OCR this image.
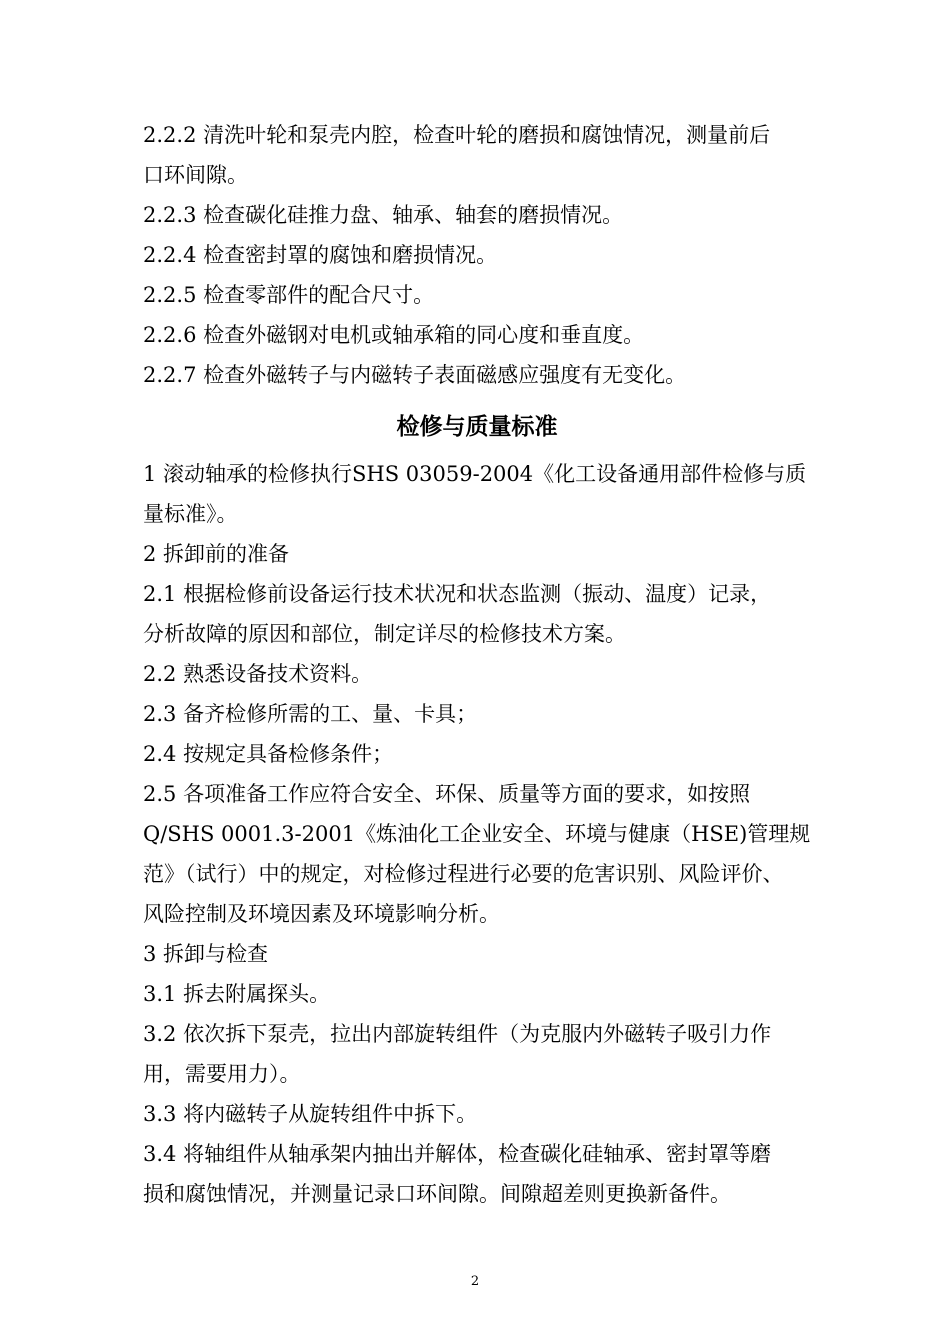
2.2.2 清洗叶轮和泵壳内腔，检查叶轮的磨损和腐蚀情况，测量前后
口环间隙。

2.2.3 检查碳化硅推力盘、轴承、轴套的磨损情况。

2.2.4 检查密封罩的腐蚀和磨损情况。

2.2.5 检查零部件的配合尺寸。

2.2.6 检查外磁钢对电机或轴承箱的同心度和垂直度。

2.2.7 检查外磁转子与内磁转子表面磁感应强度有无变化。

检修与质量标准

1 滚动轴承的检修执行SHS 03059-2004《化工设备通用部件检修与质
量标准》。

2 拆卸前的准备

2.1 根据检修前设备运行技术状况和状态监测（振动、温度）记录，
分析故障的原因和部位，制定详尽的检修技术方案。

2.2 熟悉设备技术资料。

2.3 备齐检修所需的工、量、卡具；

2.4 按规定具备检修条件；

2.5 各项准备工作应符合安全、环保、质量等方面的要求，如按照
Q/SHS 0001.3-2001《炼油化工企业安全、环境与健康（HSE)管理规
范》（试行）中的规定，对检修过程进行必要的危害识别、风险评价、
风险控制及环境因素及环境影响分析。

3 拆卸与检查

3.1 拆去附属探头。

3.2 依次拆下泵壳，拉出内部旋转组件（为克服内外磁转子吸引力作
用，需要用力）。

3.3 将内磁转子从旋转组件中拆下。

3.4 将轴组件从轴承架内抽出并解体，检查碳化硅轴承、密封罩等磨
损和腐蚀情况，并测量记录口环间隙。间隙超差则更换新备件。

2
